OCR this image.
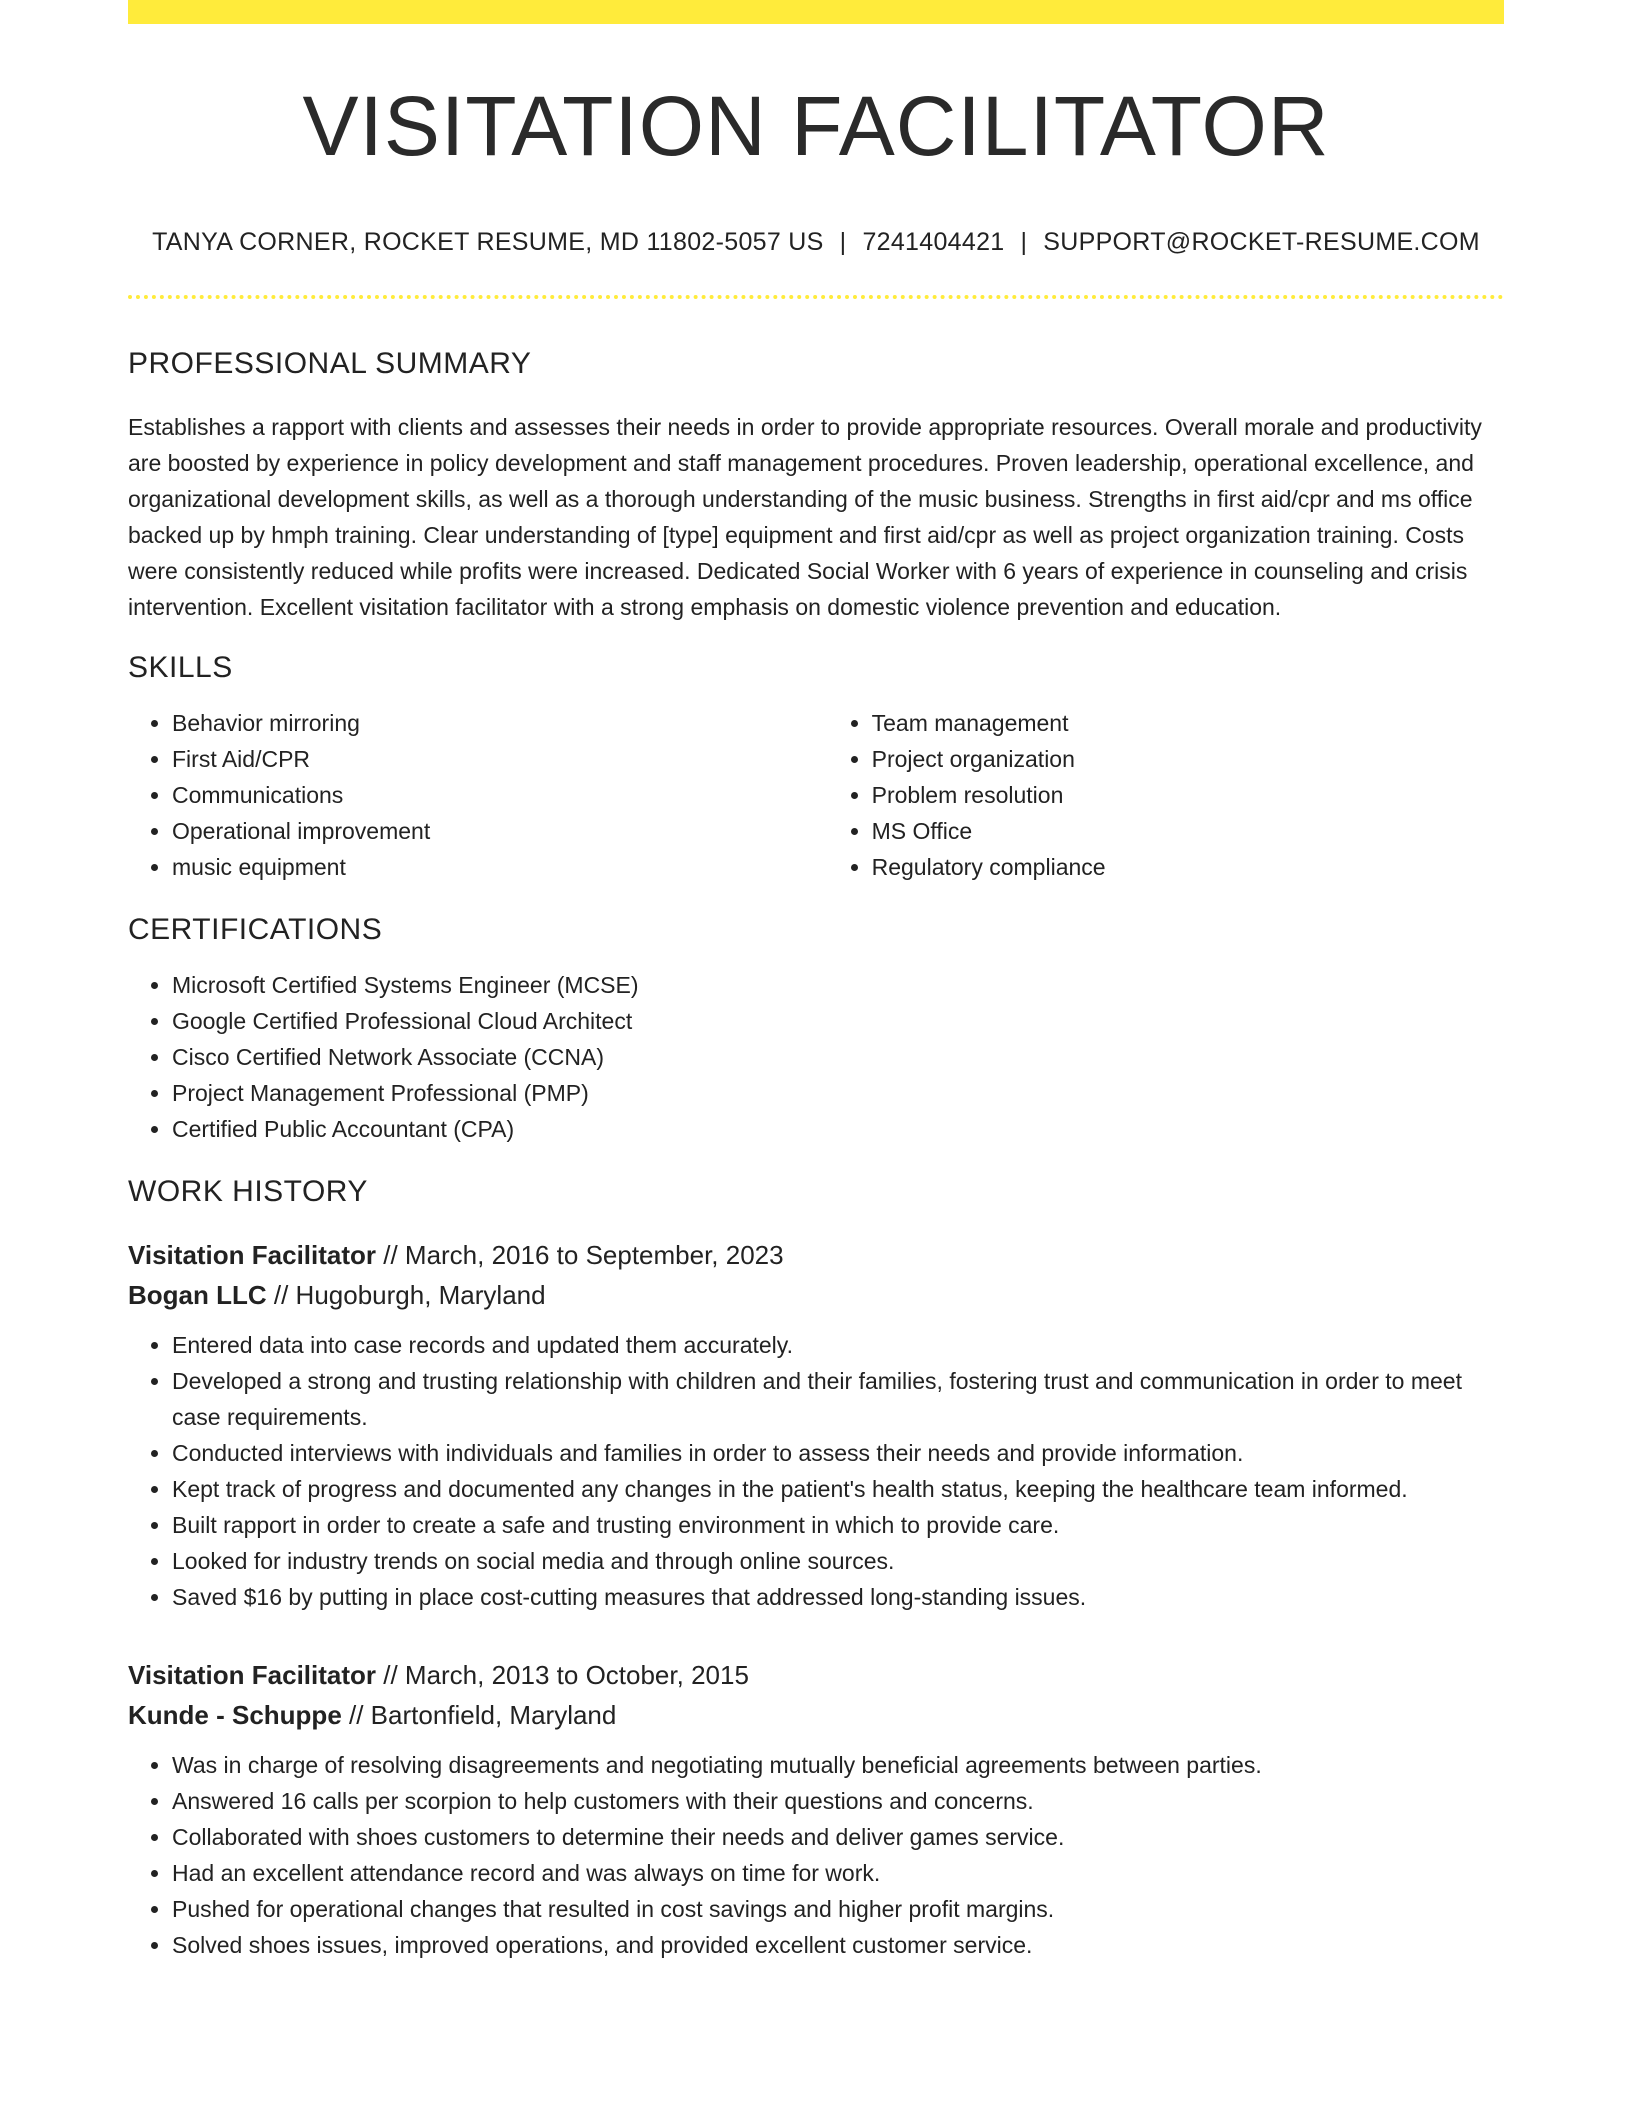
VISITATION FACILITATOR
TANYA CORNER, ROCKET RESUME, MD 11802-5057 US | 7241404421 | SUPPORT@ROCKET-RESUME.COM
PROFESSIONAL SUMMARY

Establishes a rapport with clients and assesses their needs in order to provide appropriate resources. Overall morale and productivity are boosted by experience in policy development and staff management procedures. Proven leadership, operational excellence, and organizational development skills, as well as a thorough understanding of the music business. Strengths in first aid/cpr and ms office backed up by hmph training. Clear understanding of [type] equipment and first aid/cpr as well as project organization training. Costs were consistently reduced while profits were increased. Dedicated Social Worker with 6 years of experience in counseling and crisis intervention. Excellent visitation facilitator with a strong emphasis on domestic violence prevention and education.

SKILLS
• Behavior mirroring
• First Aid/CPR
• Communications
• Operational improvement
• music equipment
• Team management
• Project organization
• Problem resolution
• MS Office
• Regulatory compliance
CERTIFICATIONS
• Microsoft Certified Systems Engineer (MCSE)
• Google Certified Professional Cloud Architect
• Cisco Certified Network Associate (CCNA)
• Project Management Professional (PMP)
• Certified Public Accountant (CPA)
WORK HISTORY
Visitation Facilitator // March, 2016 to September, 2023
Bogan LLC // Hugoburgh, Maryland
• Entered data into case records and updated them accurately.
• Developed a strong and trusting relationship with children and their families, fostering trust and communication in order to meet case requirements.
• Conducted interviews with individuals and families in order to assess their needs and provide information.
• Kept track of progress and documented any changes in the patient's health status, keeping the healthcare team informed.
• Built rapport in order to create a safe and trusting environment in which to provide care.
• Looked for industry trends on social media and through online sources.
• Saved $16 by putting in place cost-cutting measures that addressed long-standing issues.
Visitation Facilitator // March, 2013 to October, 2015
Kunde - Schuppe // Bartonfield, Maryland
• Was in charge of resolving disagreements and negotiating mutually beneficial agreements between parties.
• Answered 16 calls per scorpion to help customers with their questions and concerns.
• Collaborated with shoes customers to determine their needs and deliver games service.
• Had an excellent attendance record and was always on time for work.
• Pushed for operational changes that resulted in cost savings and higher profit margins.
• Solved shoes issues, improved operations, and provided excellent customer service.
